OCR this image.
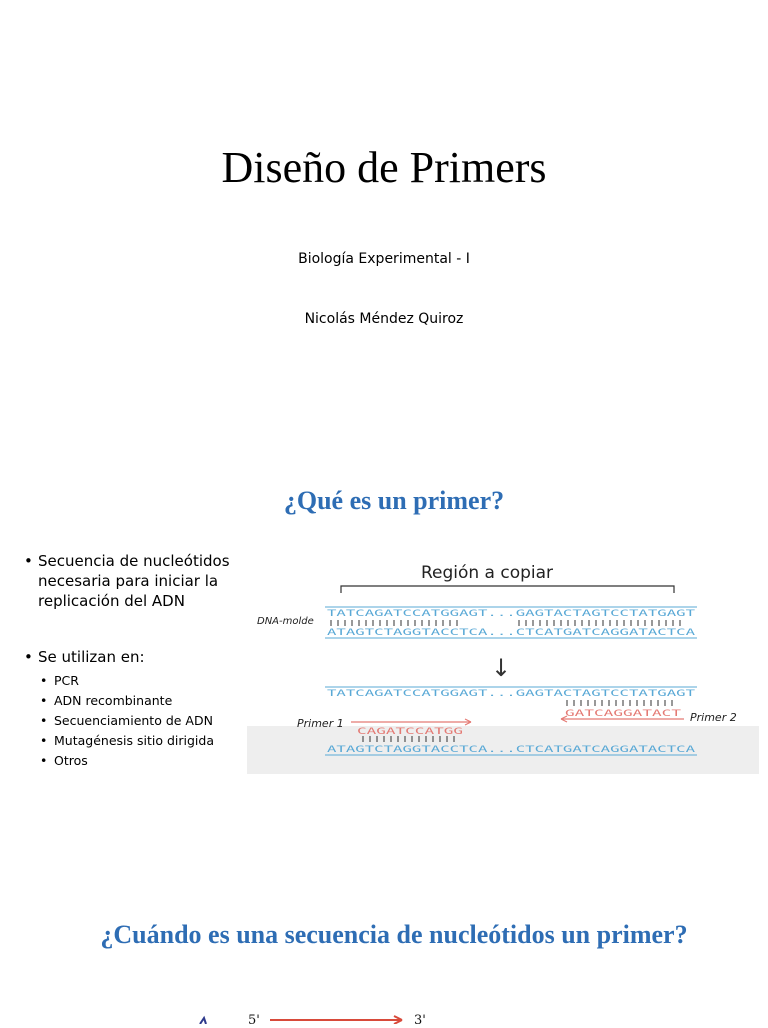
Diseño de Primers
Biología Experimental - I
Nicolás Méndez Quiroz
¿Qué es un primer?
• Secuencia de nucleótidos necesaria para iniciar la replicación del ADN
• Se utilizan en:
• PCR
• ADN recombinante
• Secuenciamiento de ADN
• Mutagénesis sitio dirigida
• Otros
Región a copiar
DNA-molde
TATCAGATCCATGGAGT...GAGTACTAGTCCTATGAGT
ATAGTCTAGGTACCTCA...CTCATGATCAGGATACTCA
↓
TATCAGATCCATGGAGT...GAGTACTAGTCCTATGAGT
GATCAGGATACT Primer 2
Primer 1
CAGATCCATGG
ATAGTCTAGGTACCTCA...CTCATGATCAGGATACTCA
¿Cuándo es una secuencia de nucleótidos un primer?
5'	3'
